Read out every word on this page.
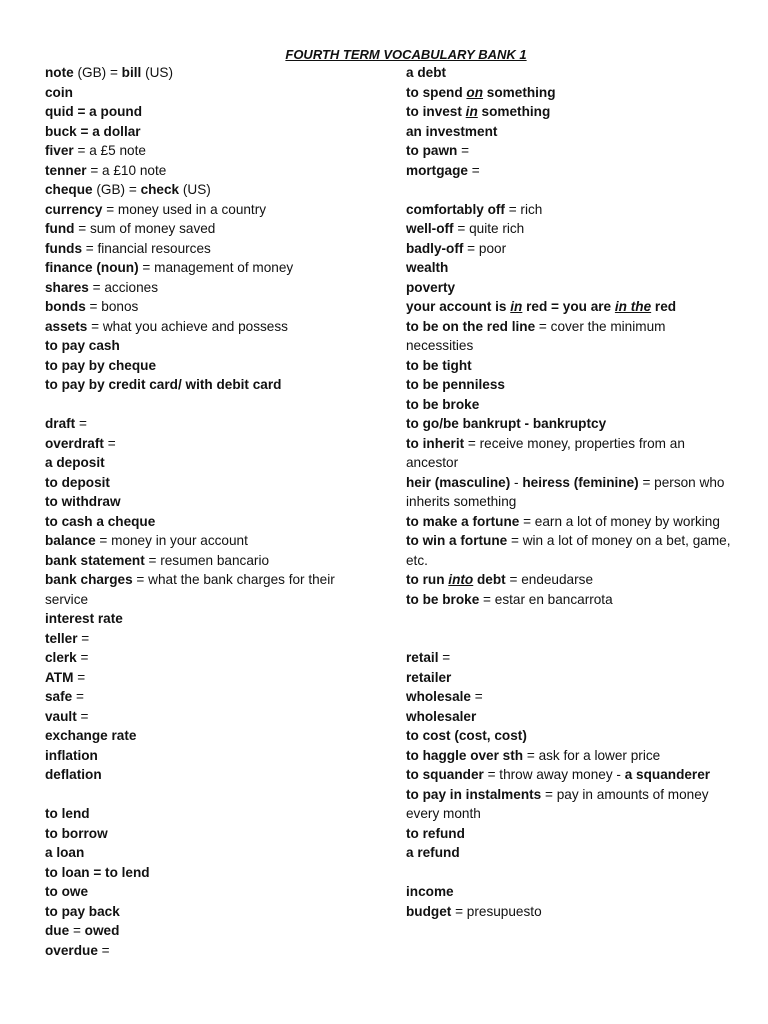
FOURTH TERM VOCABULARY BANK 1
note (GB) = bill (US)
coin
quid = a pound
buck = a dollar
fiver = a £5 note
tenner = a £10 note
cheque (GB) = check (US)
currency = money used in a country
fund = sum of money saved
funds = financial resources
finance (noun) = management of money
shares = acciones
bonds = bonos
assets = what you achieve and possess
to pay cash
to pay by cheque
to pay by credit card/ with debit card
draft =
overdraft =
a deposit
to deposit
to withdraw
to cash a cheque
balance = money in your account
bank statement = resumen bancario
bank charges = what the bank charges for their service
interest rate
teller =
clerk =
ATM =
safe =
vault =
exchange rate
inflation
deflation
to lend
to borrow
a loan
to loan = to lend
to owe
to pay back
due = owed
overdue =
a debt
to spend on something
to invest in something
an investment
to pawn =
mortgage =
comfortably off = rich
well-off = quite rich
badly-off = poor
wealth
poverty
your account is in red = you are in the red
to be on the red line = cover the minimum necessities
to be tight
to be penniless
to be broke
to go/be bankrupt - bankruptcy
to inherit = receive money, properties from an ancestor
heir (masculine) - heiress (feminine) = person who inherits something
to make a fortune = earn a lot of money by working
to win a fortune = win a lot of money on a bet, game, etc.
to run into debt = endeudarse
to be broke = estar en bancarrota
retail =
retailer
wholesale =
wholesaler
to cost (cost, cost)
to haggle over sth = ask for a lower price
to squander = throw away money - a squanderer
to pay in instalments = pay in amounts of money every month
to refund
a refund
income
budget = presupuesto
